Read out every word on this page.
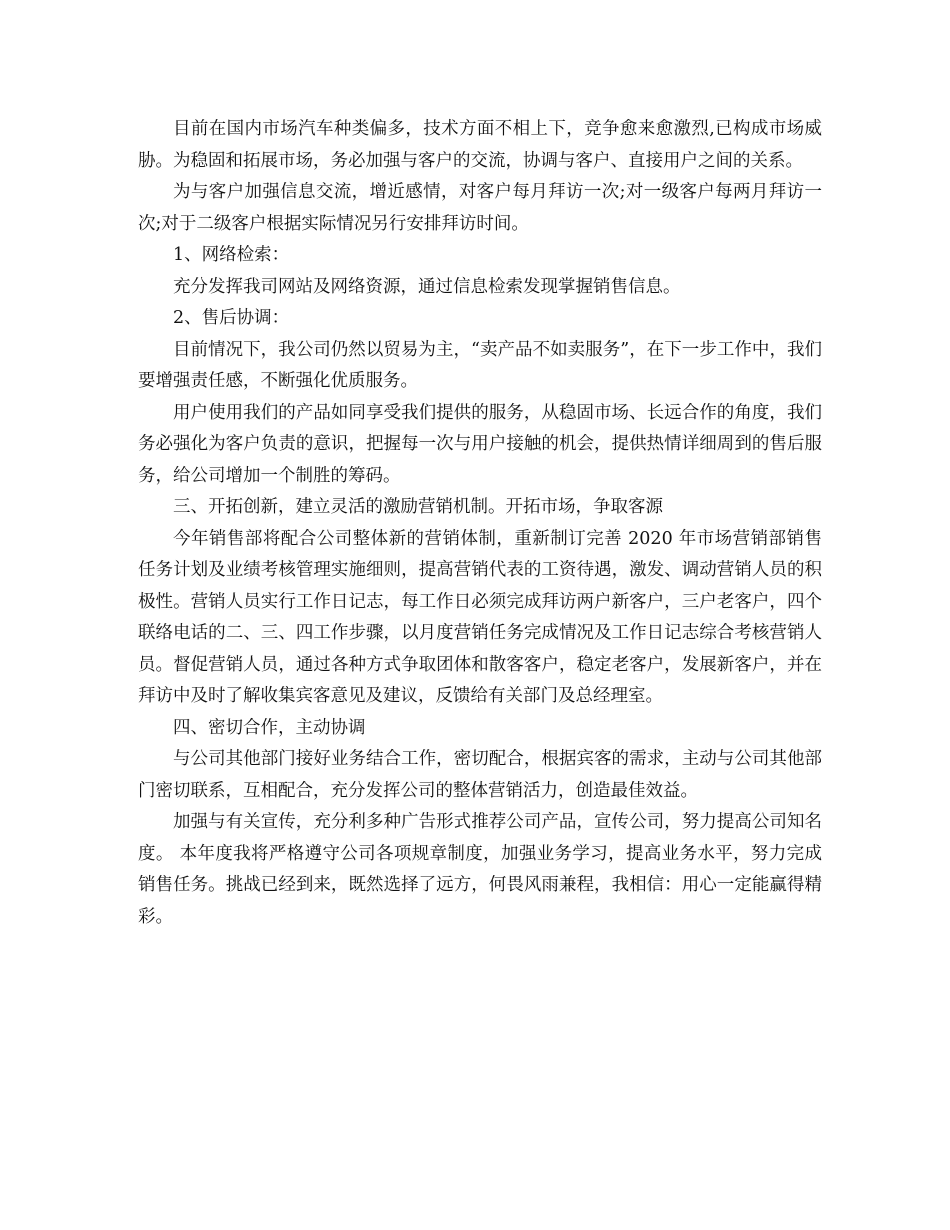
目前在国内市场汽车种类偏多，技术方面不相上下，竞争愈来愈激烈,已构成市场威胁。为稳固和拓展市场，务必加强与客户的交流，协调与客户、直接用户之间的关系。

为与客户加强信息交流，增近感情，对客户每月拜访一次;对一级客户每两月拜访一次;对于二级客户根据实际情况另行安排拜访时间。

1、网络检索：

充分发挥我司网站及网络资源，通过信息检索发现掌握销售信息。

2、售后协调：

目前情况下，我公司仍然以贸易为主，“卖产品不如卖服务”，在下一步工作中，我们要增强责任感，不断强化优质服务。

用户使用我们的产品如同享受我们提供的服务，从稳固市场、长远合作的角度，我们务必强化为客户负责的意识，把握每一次与用户接触的机会，提供热情详细周到的售后服务，给公司增加一个制胜的筹码。

三、开拓创新，建立灵活的激励营销机制。开拓市场，争取客源

今年销售部将配合公司整体新的营销体制，重新制订完善 2020 年市场营销部销售任务计划及业绩考核管理实施细则，提高营销代表的工资待遇，激发、调动营销人员的积极性。营销人员实行工作日记志，每工作日必须完成拜访两户新客户，三户老客户，四个联络电话的二、三、四工作步骤，以月度营销任务完成情况及工作日记志综合考核营销人员。督促营销人员，通过各种方式争取团体和散客客户，稳定老客户，发展新客户，并在拜访中及时了解收集宾客意见及建议，反馈给有关部门及总经理室。

四、密切合作，主动协调

与公司其他部门接好业务结合工作，密切配合，根据宾客的需求，主动与公司其他部门密切联系，互相配合，充分发挥公司的整体营销活力，创造最佳效益。

加强与有关宣传，充分利多种广告形式推荐公司产品，宣传公司，努力提高公司知名度。 本年度我将严格遵守公司各项规章制度，加强业务学习，提高业务水平，努力完成销售任务。挑战已经到来，既然选择了远方，何畏风雨兼程，我相信：用心一定能赢得精彩。
